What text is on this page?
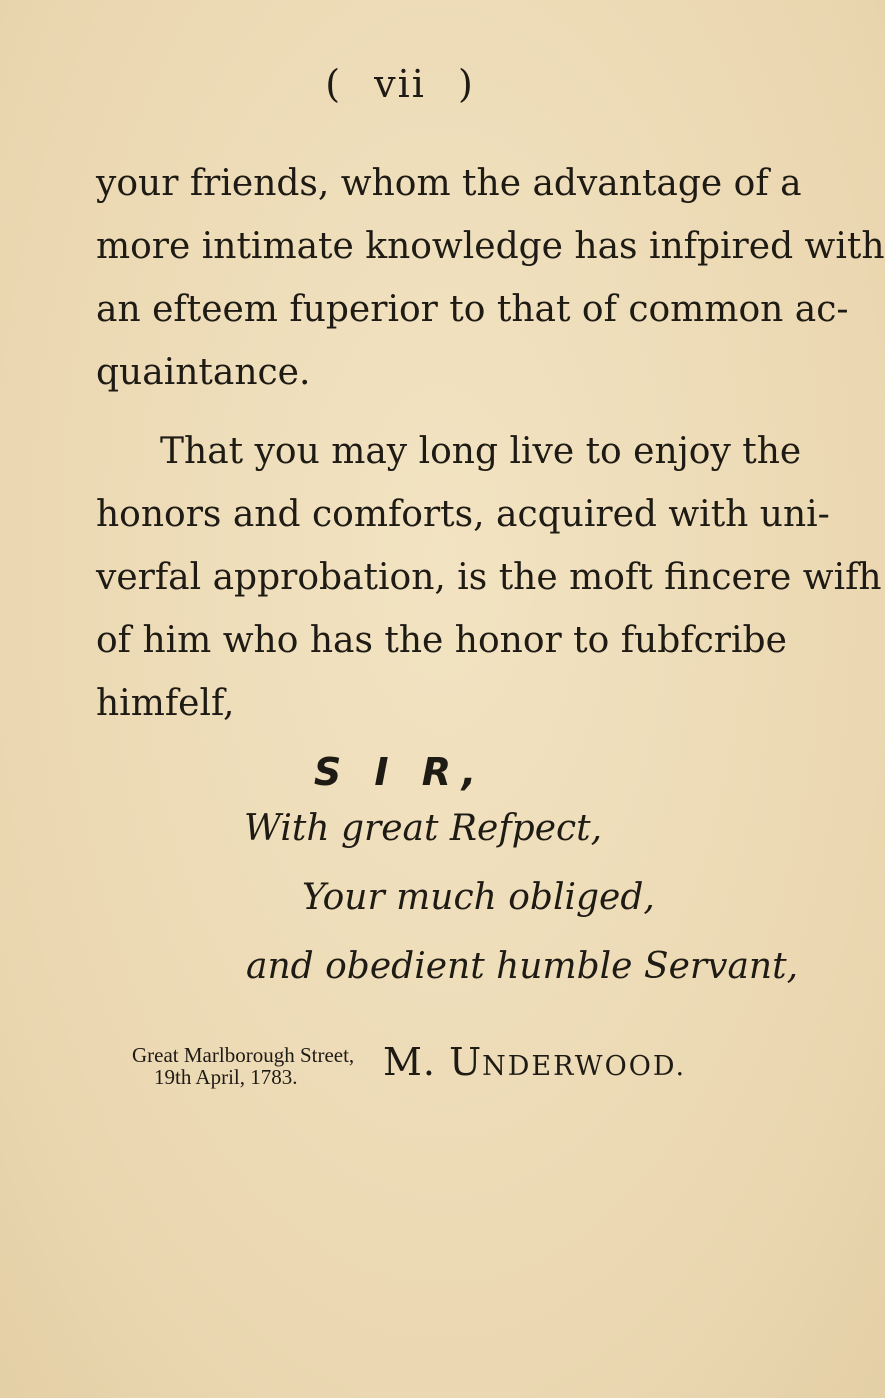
( vii )
your friends, whom the advantage of a
more intimate knowledge has infpired with
an efteem fuperior to that of common ac-
quaintance.
That you may long live to enjoy the
honors and comforts, acquired with uni-
verfal approbation, is the moft fincere wifh
of him who has the honor to fubfcribe
himfelf,
S I R,
With great Refpect,
Your much obliged,
and obedient humble Servant,
Great Marlborough Street,
19th April, 1783.	M. UNDERWOOD.
